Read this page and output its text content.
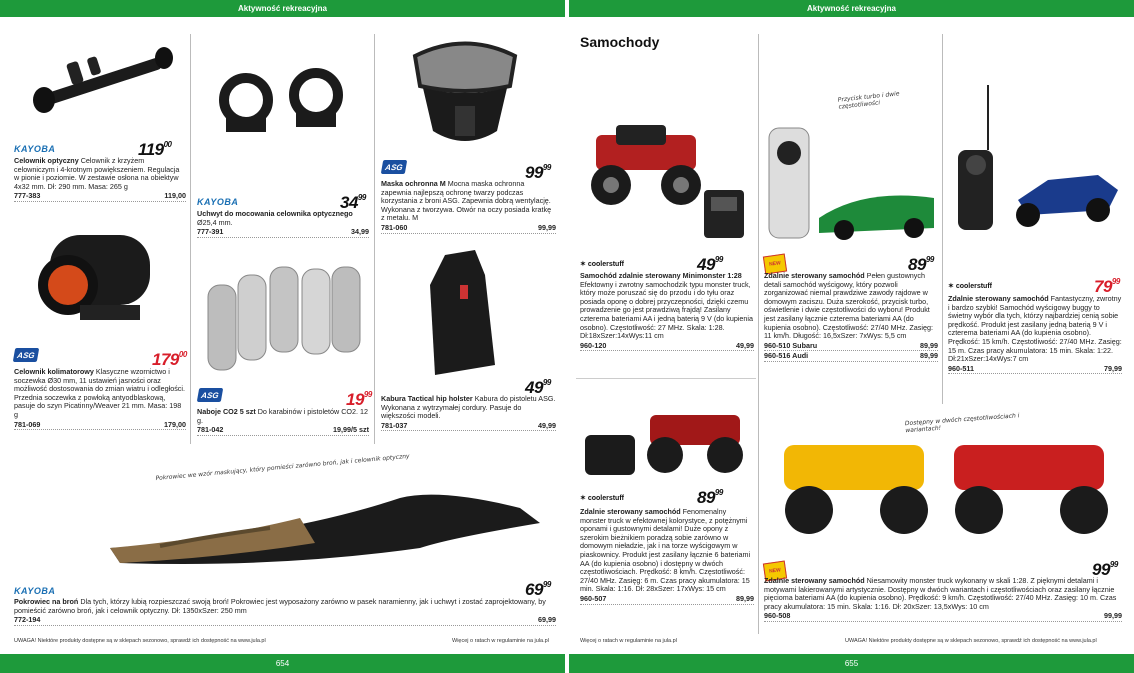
Aktywność rekreacyjna	Aktywność rekreacyjna
KAYOBA	$119^{00}$
Celownik optyczny Celownik z krzyżem celowniczym i 4-krotnym powiększeniem. Regulacja w pionie i poziomie. W zestawie osłona na obiektyw 4x32 mm. Dł: 290 mm. Masa: 265 g
777-383	119,00
KAYOBA	$34^{99}$
Uchwyt do mocowania celownika optycznego
Ø25,4 mm.
777-391	34,99
ASG	$99^{99}$
Maska ochronna M Mocna maska ochronna zapewnia najlepszą ochronę twarzy podczas korzystania z broni ASG. Zapewnia dobrą wentylację. Wykonana z tworzywa. Otwór na oczy posiada kratkę z metalu. M
781-060	99,99
ASG	$179^{00}$
Celownik kolimatorowy Klasyczne wzornictwo i soczewka Ø30 mm, 11 ustawień jasności oraz możliwość dostosowania do zmian wiatru i odległości. Przednia soczewka z powłoką antyodblaskową, pasuje do szyn Picatinny/Weaver 21 mm. Masa: 198 g
781-069	179,00
ASG	$19^{99}$
Naboje CO2 5 szt Do karabinów i pistoletów CO2. 12 g.
781-042	19,99/5 szt
$49^{99}$
Kabura Tactical hip holster Kabura do pistoletu ASG. Wykonana z wytrzymałej cordury. Pasuje do większości modeli.
781-037	49,99
Pokrowiec we wzór maskujący, który pomieści zarówno broń, jak i celownik optyczny
KAYOBA	$69^{99}$
Pokrowiec na broń Dla tych, którzy lubią rozpieszczać swoją broń! Pokrowiec jest wyposażony zarówno w pasek naramienny, jak i uchwyt i zostać zaprojektowany, by pomieścić zarówno broń, jak i celownik optyczny. Dł: 1350xSzer: 250 mm
772-194	69,99
UWAGA! Niektóre produkty dostępne są w sklepach sezonowo, sprawdź ich dostępność na www.jula.pl	Więcej o ratach w regulaminie na jula.pl
Samochody
✶ coolerstuff	$49^{99}$
Samochód zdalnie sterowany Minimonster 1:28 Efektowny i zwrotny samochodzik typu monster truck, który może poruszać się do przodu i do tyłu oraz posiada oponę o dobrej przyczepności, dzięki czemu prowadzenie go jest prawdziwą frajdą! Zasilany czterema bateriami AA i jedną baterią 9 V (do kupienia osobno). Częstotliwość: 27 MHz. Skala: 1:28. Dł:18xSzer:14xWys:11 cm
960-120	49,99
✶ coolerstuff	$89^{99}$
Zdalnie sterowany samochód Fenomenalny monster truck w efektownej kolorystyce, z potężnymi oponami i gustownymi detalami! Duże opony z szerokim bieżnikiem poradzą sobie zarówno w domowym nieładzie, jak i na torze wyścigowym w piaskownicy. Produkt jest zasilany łącznie 6 bateriami AA (do kupienia osobno) i dostępny w dwóch częstotliwościach. Prędkość: 8 km/h. Częstotliwość: 27/40 MHz. Zasięg: 6 m. Czas pracy akumulatora: 15 min. Skala: 1:16. Dł: 28xSzer: 17xWys: 15 cm
960-507	89,99
Przycisk turbo i dwie częstotliwości
NEW	$89^{99}$
Zdalnie sterowany samochód Pełen gustownych detali samochód wyścigowy, który pozwoli zorganizować niemal prawdziwe zawody rajdowe w domowym zaciszu. Duża szerokość, przycisk turbo, oświetlenie i dwie częstotliwości do wyboru! Produkt jest zasilany łącznie czterema bateriami AA (do kupienia osobno). Częstotliwość: 27/40 MHz. Zasięg: 11 km/h. Długość: 16,5xSzer: 7xWys: 5,5 cm
960-510 Subaru	89,99
960-516 Audi	89,99
✶ coolerstuff	$79^{99}$
Zdalnie sterowany samochód Fantastyczny, zwrotny i bardzo szybki! Samochód wyścigowy buggy to świetny wybór dla tych, którzy najbardziej cenią sobie prędkość. Produkt jest zasilany jedną baterią 9 V i czterema bateriami AA (do kupienia osobno). Prędkość: 15 km/h. Częstotliwość: 27/40 MHz. Zasięg: 15 m. Czas pracy akumulatora: 15 min. Skala: 1:22. Dł:21xSzer:14xWys:7 cm
960-511	79,99
Dostępny w dwóch częstotliwościach i wariantach!
NEW	$99^{99}$
Zdalnie sterowany samochód Niesamowity monster truck wykonany w skali 1:28. Z pięknymi detalami i motywami lakierowanymi artystycznie. Dostępny w dwóch wariantach i częstotliwościach oraz zasilany łącznie pięcioma bateriami AA (do kupienia osobno). Prędkość: 9 km/h. Częstotliwość: 27/40 MHz. Zasięg: 10 m. Czas pracy akumulatora: 15 min. Skala: 1:16. Dł: 20xSzer: 13,5xWys: 10 cm
960-508	99,99
Więcej o ratach w regulaminie na jula.pl	UWAGA! Niektóre produkty dostępne są w sklepach sezonowo, sprawdź ich dostępność na www.jula.pl
654	655
